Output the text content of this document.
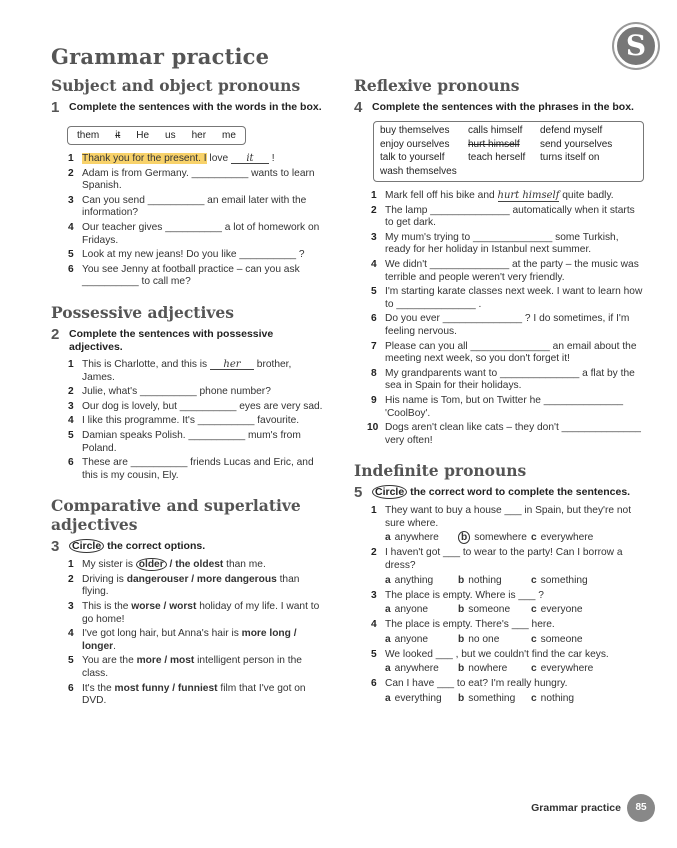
Grammar practice	S
Subject and object pronouns
1 Complete the sentences with the words in the box.
them it He us her me
1 Thank you for the present. I love it !
2 Adam is from Germany. __________ wants to learn Spanish.
3 Can you send __________ an email later with the information?
4 Our teacher gives __________ a lot of homework on Fridays.
5 Look at my new jeans! Do you like __________ ?
6 You see Jenny at football practice – can you ask __________ to call me?
Possessive adjectives
2 Complete the sentences with possessive adjectives.
1 This is Charlotte, and this is her brother, James.
2 Julie, what's __________ phone number?
3 Our dog is lovely, but __________ eyes are very sad.
4 I like this programme. It's __________ favourite.
5 Damian speaks Polish. __________ mum's from Poland.
6 These are __________ friends Lucas and Eric, and this is my cousin, Ely.
Comparative and superlative adjectives
3	Circle the correct options.
1 My sister is older / the oldest than me.
2 Driving is dangerouser / more dangerous than flying.
3 This is the worse / worst holiday of my life. I want to go home!
4 I've got long hair, but Anna's hair is more long / longer.
5 You are the more / most intelligent person in the class.
6 It's the most funny / funniest film that I've got on DVD.
Reflexive pronouns
4 Complete the sentences with the phrases in the box.
buy themselves	calls himself	defend myself
enjoy ourselves	hurt himself	send yourselves
talk to yourself	teach herself	turns itself on
wash themselves
1 Mark fell off his bike and hurt himself quite badly.
2 The lamp ______________ automatically when it starts to get dark.
3 My mum's trying to ______________ some Turkish, ready for her holiday in Istanbul next summer.
4 We didn't ______________ at the party – the music was terrible and people weren't very friendly.
5 I'm starting karate classes next week. I want to learn how to ______________ .
6 Do you ever ______________ ? I do sometimes, if I'm feeling nervous.
7 Please can you all ______________ an email about the meeting next week, so you don't forget it!
8 My grandparents want to ______________ a flat by the sea in Spain for their holidays.
9 His name is Tom, but on Twitter he ______________ 'CoolBoy'.
10 Dogs aren't clean like cats – they don't ______________ very often!
Indefinite pronouns
5	Circle the correct word to complete the sentences.
1 They want to buy a house ___ in Spain, but they're not sure where.
a anywhere	b somewhere c everywhere
2 I haven't got ___ to wear to the party! Can I borrow a dress?
a anything	b nothing	c something
3 The place is empty. Where is ___ ?
a anyone	b someone	c everyone
4 The place is empty. There's ___ here.
a anyone	b no one	c someone
5 We looked ___ , but we couldn't find the car keys.
a anywhere	b nowhere	c everywhere
6 Can I have ___ to eat? I'm really hungry.
a everything	b something	c nothing
Grammar practice	85
